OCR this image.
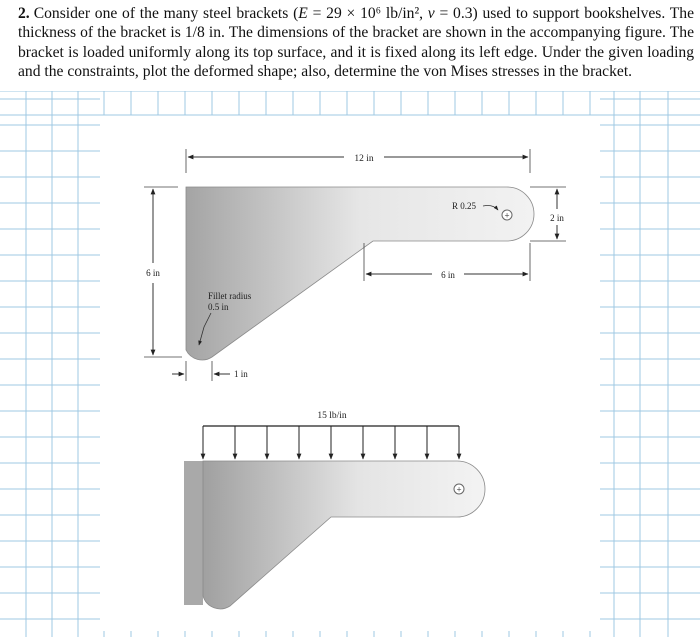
2. Consider one of the many steel brackets (E = 29 × 10⁶ lb/in², ν = 0.3) used to support bookshelves. The thickness of the bracket is 1/8 in. The dimensions of the bracket are shown in the accompanying figure. The bracket is loaded uniformly along its top surface, and it is fixed along its left edge. Under the given loading and the constraints, plot the deformed shape; also, determine the von Mises stresses in the bracket.
+
12 in
R 0.25
2 in
6 in	6 in
Fillet radius
0.5 in
1 in
+
15 lb/in
